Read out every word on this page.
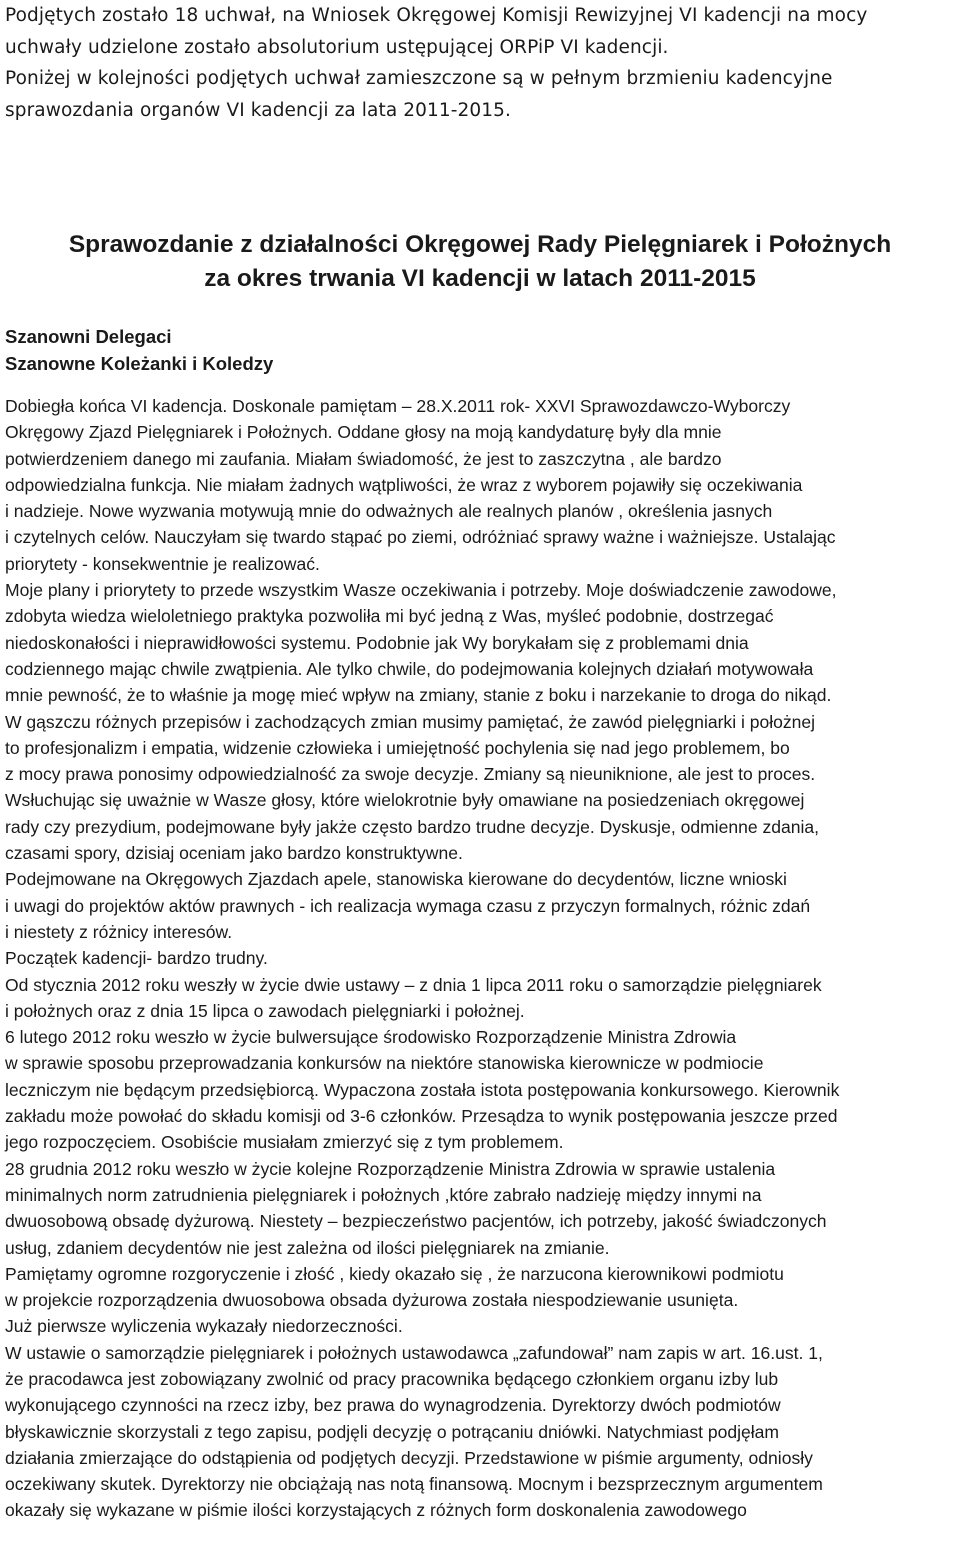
Podjętych zostało 18 uchwał, na Wniosek Okręgowej Komisji Rewizyjnej VI kadencji na mocy
uchwały udzielone zostało absolutorium ustępującej ORPiP VI kadencji.
Poniżej w kolejności podjętych uchwał zamieszczone są w pełnym brzmieniu kadencyjne
sprawozdania organów VI kadencji za lata 2011-2015.
Sprawozdanie z działalności Okręgowej Rady Pielęgniarek i Położnych
za okres trwania VI kadencji w latach 2011-2015
Szanowni Delegaci
Szanowne Koleżanki i Koledzy
Dobiegła końca VI kadencja. Doskonale pamiętam – 28.X.2011 rok- XXVI Sprawozdawczo-Wyborczy
Okręgowy Zjazd Pielęgniarek i Położnych. Oddane głosy na moją kandydaturę były dla mnie
potwierdzeniem danego mi zaufania. Miałam świadomość, że jest to zaszczytna , ale bardzo
odpowiedzialna funkcja. Nie miałam żadnych wątpliwości, że wraz z wyborem pojawiły się oczekiwania
i nadzieje. Nowe wyzwania motywują mnie do odważnych ale realnych planów , określenia jasnych
i czytelnych celów. Nauczyłam się twardo stąpać po ziemi, odróżniać sprawy ważne i ważniejsze. Ustalając
priorytety - konsekwentnie je realizować.
Moje plany i priorytety to przede wszystkim Wasze oczekiwania i potrzeby. Moje doświadczenie zawodowe,
zdobyta wiedza wieloletniego praktyka pozwoliła mi być jedną z Was, myśleć podobnie, dostrzegać
niedoskonałości i nieprawidłowości systemu. Podobnie jak Wy borykałam się z problemami dnia
codziennego mając chwile zwątpienia. Ale tylko chwile, do podejmowania kolejnych działań motywowała
mnie pewność, że to właśnie ja mogę mieć wpływ na zmiany, stanie z boku i narzekanie to droga do nikąd.
W gąszczu różnych przepisów i zachodzących zmian musimy pamiętać, że zawód pielęgniarki i położnej
to profesjonalizm i empatia, widzenie człowieka i umiejętność pochylenia się nad jego problemem, bo
z mocy prawa ponosimy odpowiedzialność za swoje decyzje. Zmiany są nieuniknione, ale jest to proces.
Wsłuchując się uważnie w Wasze głosy, które wielokrotnie były omawiane na posiedzeniach okręgowej
rady czy prezydium, podejmowane były jakże często bardzo trudne decyzje. Dyskusje, odmienne zdania,
czasami spory, dzisiaj oceniam jako bardzo konstruktywne.
Podejmowane na Okręgowych Zjazdach apele, stanowiska kierowane do decydentów, liczne wnioski
i uwagi do projektów aktów prawnych - ich realizacja wymaga czasu z przyczyn formalnych, różnic zdań
i niestety z różnicy interesów.
Początek kadencji- bardzo trudny.
Od stycznia 2012 roku weszły w życie dwie ustawy – z dnia 1 lipca 2011 roku o samorządzie pielęgniarek
i położnych oraz z dnia 15 lipca o zawodach pielęgniarki i położnej.
6 lutego 2012 roku weszło w życie bulwersujące środowisko Rozporządzenie Ministra Zdrowia
w sprawie sposobu przeprowadzania konkursów na niektóre stanowiska kierownicze w podmiocie
leczniczym nie będącym przedsiębiorcą. Wypaczona została istota postępowania konkursowego. Kierownik
zakładu może powołać do składu komisji od 3-6 członków. Przesądza to wynik postępowania jeszcze przed
jego rozpoczęciem. Osobiście musiałam zmierzyć się z tym problemem.
28 grudnia 2012 roku weszło w życie kolejne Rozporządzenie Ministra Zdrowia w sprawie ustalenia
minimalnych norm zatrudnienia pielęgniarek i położnych ,które zabrało nadzieję między innymi na
dwuosobową obsadę dyżurową. Niestety – bezpieczeństwo pacjentów, ich potrzeby, jakość świadczonych
usług, zdaniem decydentów nie jest zależna od ilości pielęgniarek na zmianie.
Pamiętamy ogromne rozgoryczenie i złość , kiedy okazało się , że narzucona kierownikowi podmiotu
w projekcie rozporządzenia dwuosobowa obsada dyżurowa została niespodziewanie usunięta.
Już pierwsze wyliczenia wykazały niedorzeczności.
W ustawie o samorządzie pielęgniarek i położnych ustawodawca „zafundował” nam zapis w art. 16.ust. 1,
że pracodawca jest zobowiązany zwolnić od pracy pracownika będącego członkiem organu izby lub
wykonującego czynności na rzecz izby, bez prawa do wynagrodzenia. Dyrektorzy dwóch podmiotów
błyskawicznie skorzystali z tego zapisu, podjęli decyzję o potrącaniu dniówki. Natychmiast podjęłam
działania zmierzające do odstąpienia od podjętych decyzji. Przedstawione w piśmie argumenty, odniosły
oczekiwany skutek. Dyrektorzy nie obciążają nas notą finansową. Mocnym i bezsprzecznym argumentem
okazały się wykazane w piśmie ilości korzystających z różnych form doskonalenia zawodowego
